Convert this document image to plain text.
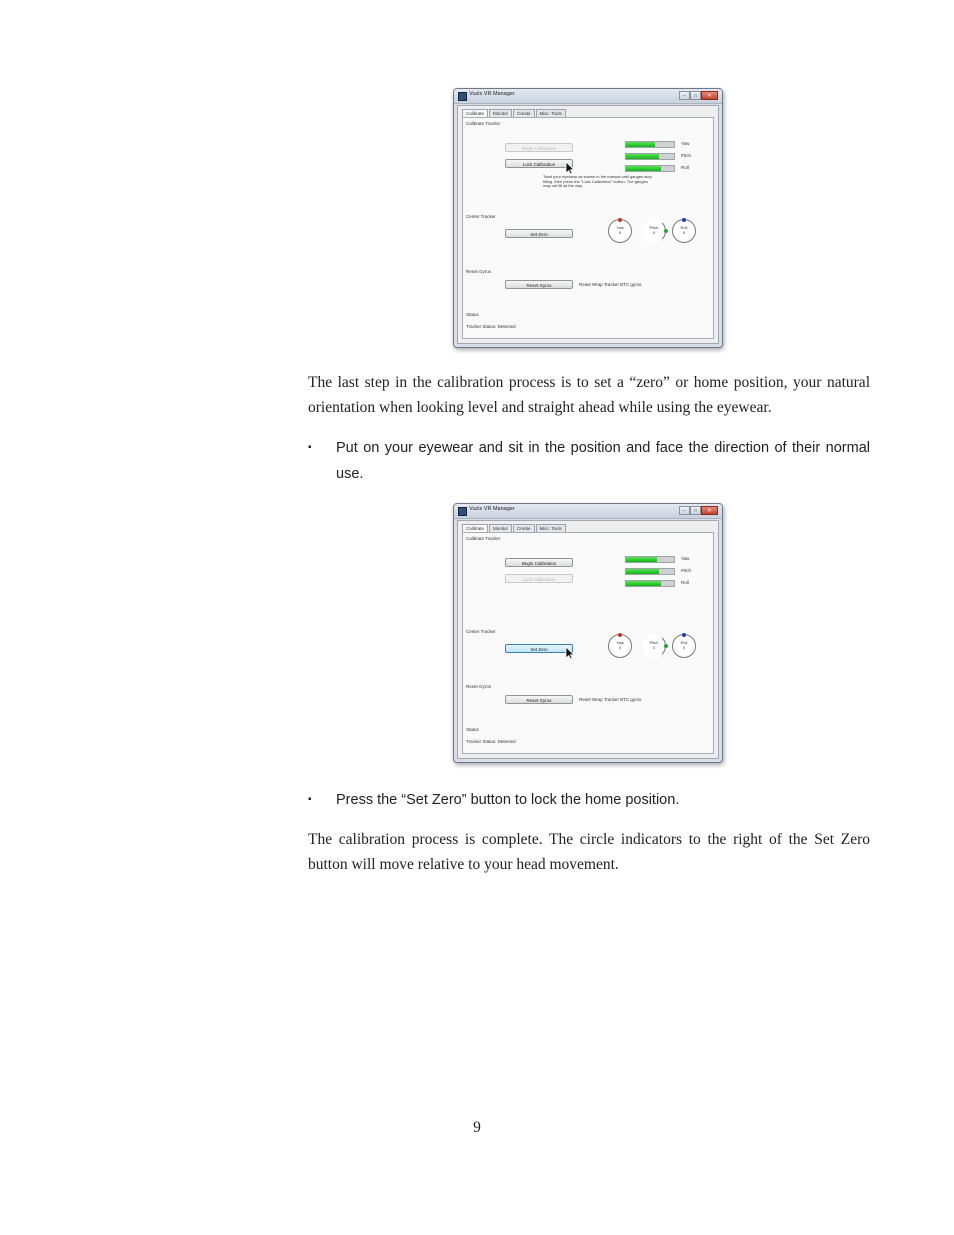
Vuzix VR Manager	–	□	✕
Calibrate	Monitor	Create	Misc. Tools
Calibrate Tracker
Begin Calibration
Lock Calibration
Yaw
Pitch
Roll
Twist your eyewear as shown in the manual until gauges stop filling, then press the "Lock Calibration" button. The gauges may not fill all the way.
Center Tracker
Set Zero
Yaw
0
Pitch
0
Roll
0
Reset Gyros
Reset Gyros	Reset Wrap Tracker BTC gyros
Status
Tracker Status: Detected
The last step in the calibration process is to set a “zero” or home position, your natural orientation when looking level and straight ahead while using the eyewear.
▪	Put on your eyewear and sit in the position and face the direction of their normal use.
Vuzix VR Manager	–	□	✕
Calibrate	Monitor	Create	Misc. Tools
Calibrate Tracker
Begin Calibration
Lock Calibration
Yaw
Pitch
Roll
Center Tracker
Set Zero
Yaw
0
Pitch
0
Roll
0
Reset Gyros
Reset Gyros	Reset Wrap Tracker BTC gyros
Status
Tracker Status: Detected
▪	Press the “Set Zero” button to lock the home position.
The calibration process is complete. The circle indicators to the right of the Set Zero button will move relative to your head movement.
9
